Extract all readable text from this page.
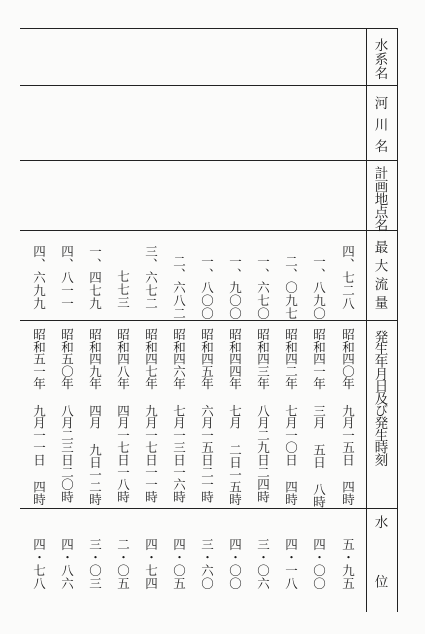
水系名
河川名
計画地点名
最大流量
発生年月日及び発生時刻
水位
四、七二八
昭和四〇年 九月一五日 四時
五・九五
一、八九〇
昭和四一年 三月 五日 八時
四・〇〇
二、〇九七
昭和四二年 七月一〇日 四時
四・一八
一、六七〇
昭和四三年 八月二九日二四時
三・〇六
一、九〇〇
昭和四四年 七月 二日一五時
四・〇〇
一、八〇〇
昭和四五年 六月一五日二一時
三・六〇
二、六八二
昭和四六年 七月一三日一六時
四・〇五
三、六七二
昭和四七年 九月一七日一一時
四・七四
七七三
昭和四八年 四月一七日一八時
二・〇五
一、四七九
昭和四九年 四月 九日一二時
三・〇三
四、八一一
昭和五〇年 八月二三日二〇時
四・八六
四、六九九
昭和五一年 九月一一日 四時
四・七八
